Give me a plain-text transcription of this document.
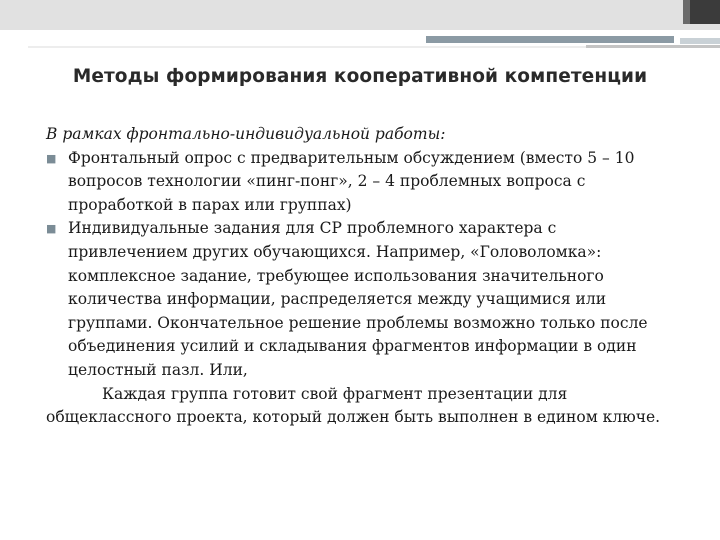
Методы формирования кооперативной компетенции
В рамках фронтально-индивидуальной работы:
■ Фронтальный опрос с предварительным обсуждением (вместо 5 – 10 вопросов технологии «пинг-понг», 2 – 4 проблемных вопроса с проработкой в парах или группах)
■ Индивидуальные задания для СР проблемного характера с привлечением других обучающихся. Например, «Головоломка»: комплексное задание, требующее использования значительного количества информации, распределяется между учащимися или группами. Окончательное решение проблемы возможно только после объединения усилий и складывания фрагментов информации в один целостный пазл. Или,
Каждая группа готовит свой фрагмент презентации для общеклассного проекта, который должен быть выполнен в едином ключе.
